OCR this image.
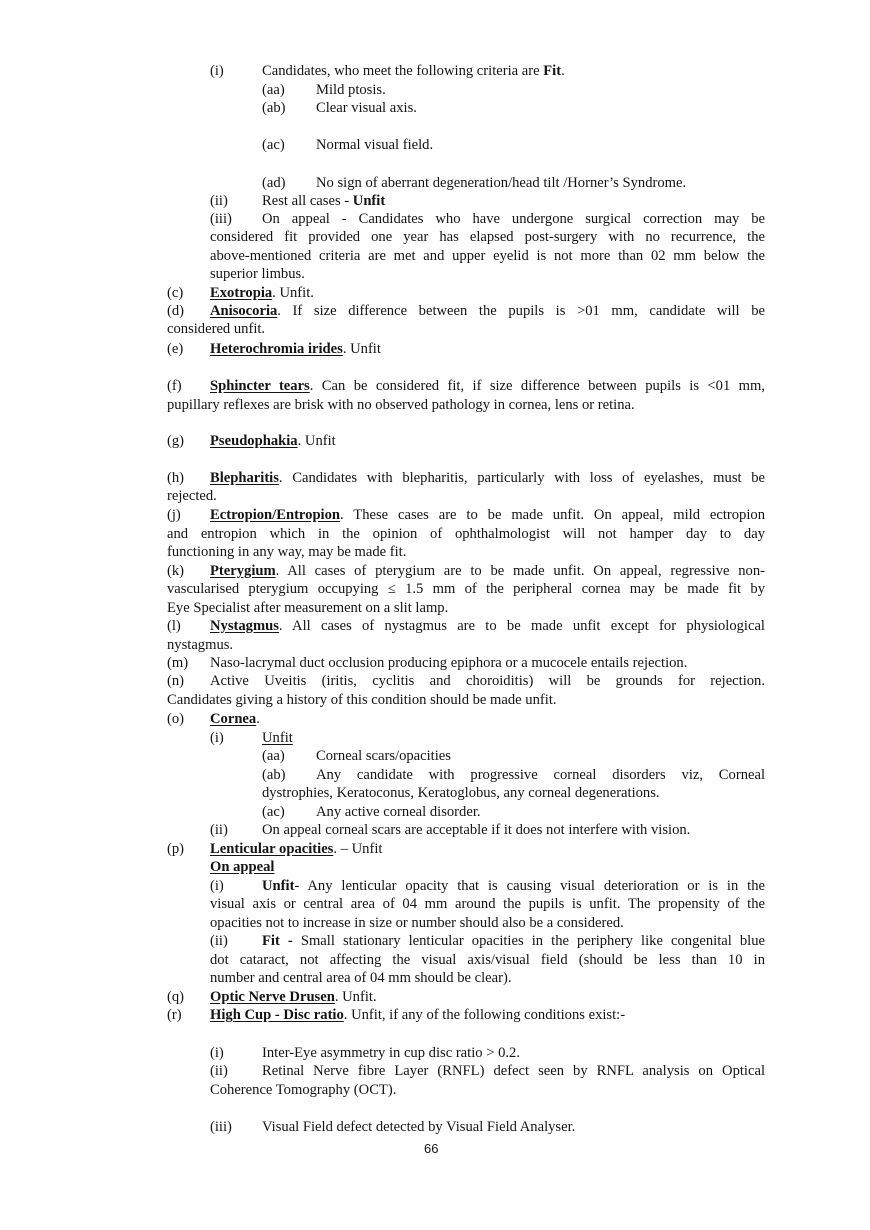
(i)	Candidates, who meet the following criteria are Fit.
(aa) Mild ptosis.
(ab) Clear visual axis.
(ac) Normal visual field.
(ad) No sign of aberrant degeneration/head tilt /Horner’s Syndrome.
(ii) Rest all cases - Unfit
(iii) On appeal - Candidates who have undergone surgical correction may be
considered fit provided one year has elapsed post-surgery with no recurrence, the
above-mentioned criteria are met and upper eyelid is not more than 02 mm below the
superior limbus.
(c) Exotropia. Unfit.
(d) Anisocoria. If size difference between the pupils is >01 mm, candidate will be
considered unfit.
(e) Heterochromia irides. Unfit
(f) Sphincter tears. Can be considered fit, if size difference between pupils is <01 mm,
pupillary reflexes are brisk with no observed pathology in cornea, lens or retina.
(g) Pseudophakia. Unfit
(h) Blepharitis. Candidates with blepharitis, particularly with loss of eyelashes, must be
rejected.
(j) Ectropion/Entropion. These cases are to be made unfit. On appeal, mild ectropion
and entropion which in the opinion of ophthalmologist will not hamper day to day
functioning in any way, may be made fit.
(k) Pterygium. All cases of pterygium are to be made unfit. On appeal, regressive non-
vascularised pterygium occupying ≤ 1.5 mm of the peripheral cornea may be made fit by
Eye Specialist after measurement on a slit lamp.
(l) Nystagmus. All cases of nystagmus are to be made unfit except for physiological
nystagmus.
(m) Naso-lacrymal duct occlusion producing epiphora or a mucocele entails rejection.
(n) Active Uveitis (iritis, cyclitis and choroiditis) will be grounds for rejection.
Candidates giving a history of this condition should be made unfit.
(o) Cornea.
(i)	Unfit
(aa) Corneal scars/opacities
(ab) Any candidate with progressive corneal disorders viz, Corneal
dystrophies, Keratoconus, Keratoglobus, any corneal degenerations.
(ac) Any active corneal disorder.
(ii) On appeal corneal scars are acceptable if it does not interfere with vision.
(p) Lenticular opacities. – Unfit
On appeal
(i)	Unfit- Any lenticular opacity that is causing visual deterioration or is in the
visual axis or central area of 04 mm around the pupils is unfit. The propensity of the
opacities not to increase in size or number should also be a considered.
(ii) Fit - Small stationary lenticular opacities in the periphery like congenital blue
dot cataract, not affecting the visual axis/visual field (should be less than 10 in
number and central area of 04 mm should be clear).
(q) Optic Nerve Drusen. Unfit.
(r) High Cup - Disc ratio. Unfit, if any of the following conditions exist:-
(i)	Inter-Eye asymmetry in cup disc ratio > 0.2.
(ii) Retinal Nerve fibre Layer (RNFL) defect seen by RNFL analysis on Optical
Coherence Tomography (OCT).
(iii) Visual Field defect detected by Visual Field Analyser.
66
